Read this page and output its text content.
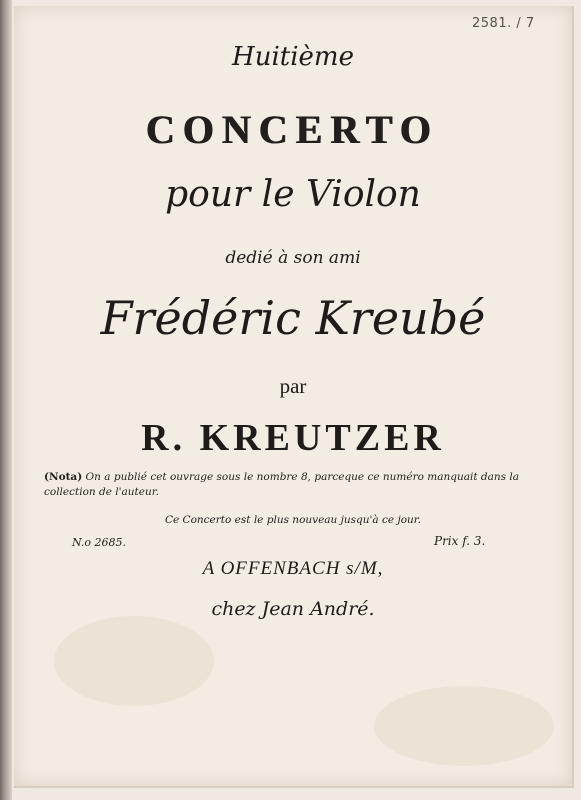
2581. / 7
Huitième
CONCERTO
pour le Violon
dedié à son ami
Frédéric Kreubé
par
R. KREUTZER
(Nota) On a publié cet ouvrage sous le nombre 8, parceque ce numéro manquait dans la collection de l'auteur.
Ce Concerto est le plus nouveau jusqu'à ce jour.
N.o 2685.	Prix f. 3.
A OFFENBACH s/M,
chez Jean André.
